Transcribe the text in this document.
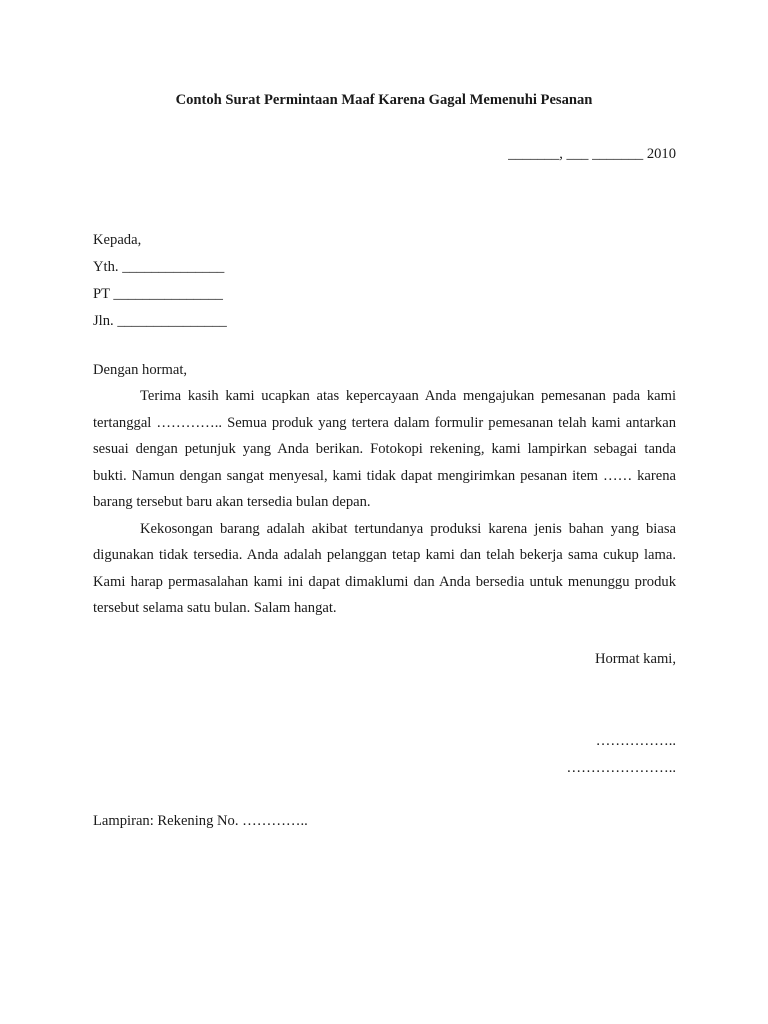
Contoh Surat Permintaan Maaf Karena Gagal Memenuhi Pesanan
_______, ___ _______ 2010
Kepada,
Yth. ______________
PT _______________
Jln. _______________
Dengan hormat,

Terima kasih kami ucapkan atas kepercayaan Anda mengajukan pemesanan pada kami tertanggal ………….. Semua produk yang tertera dalam formulir pemesanan telah kami antarkan sesuai dengan petunjuk yang Anda berikan. Fotokopi rekening, kami lampirkan sebagai tanda bukti. Namun dengan sangat menyesal, kami tidak dapat mengirimkan pesanan item …… karena barang tersebut baru akan tersedia bulan depan.

Kekosongan barang adalah akibat tertundanya produksi karena jenis bahan yang biasa digunakan tidak tersedia. Anda adalah pelanggan tetap kami dan telah bekerja sama cukup lama. Kami harap permasalahan kami ini dapat dimaklumi dan Anda bersedia untuk menunggu produk tersebut selama satu bulan. Salam hangat.

Hormat kami,
……………..
…………………..
Lampiran: Rekening No. …………..
